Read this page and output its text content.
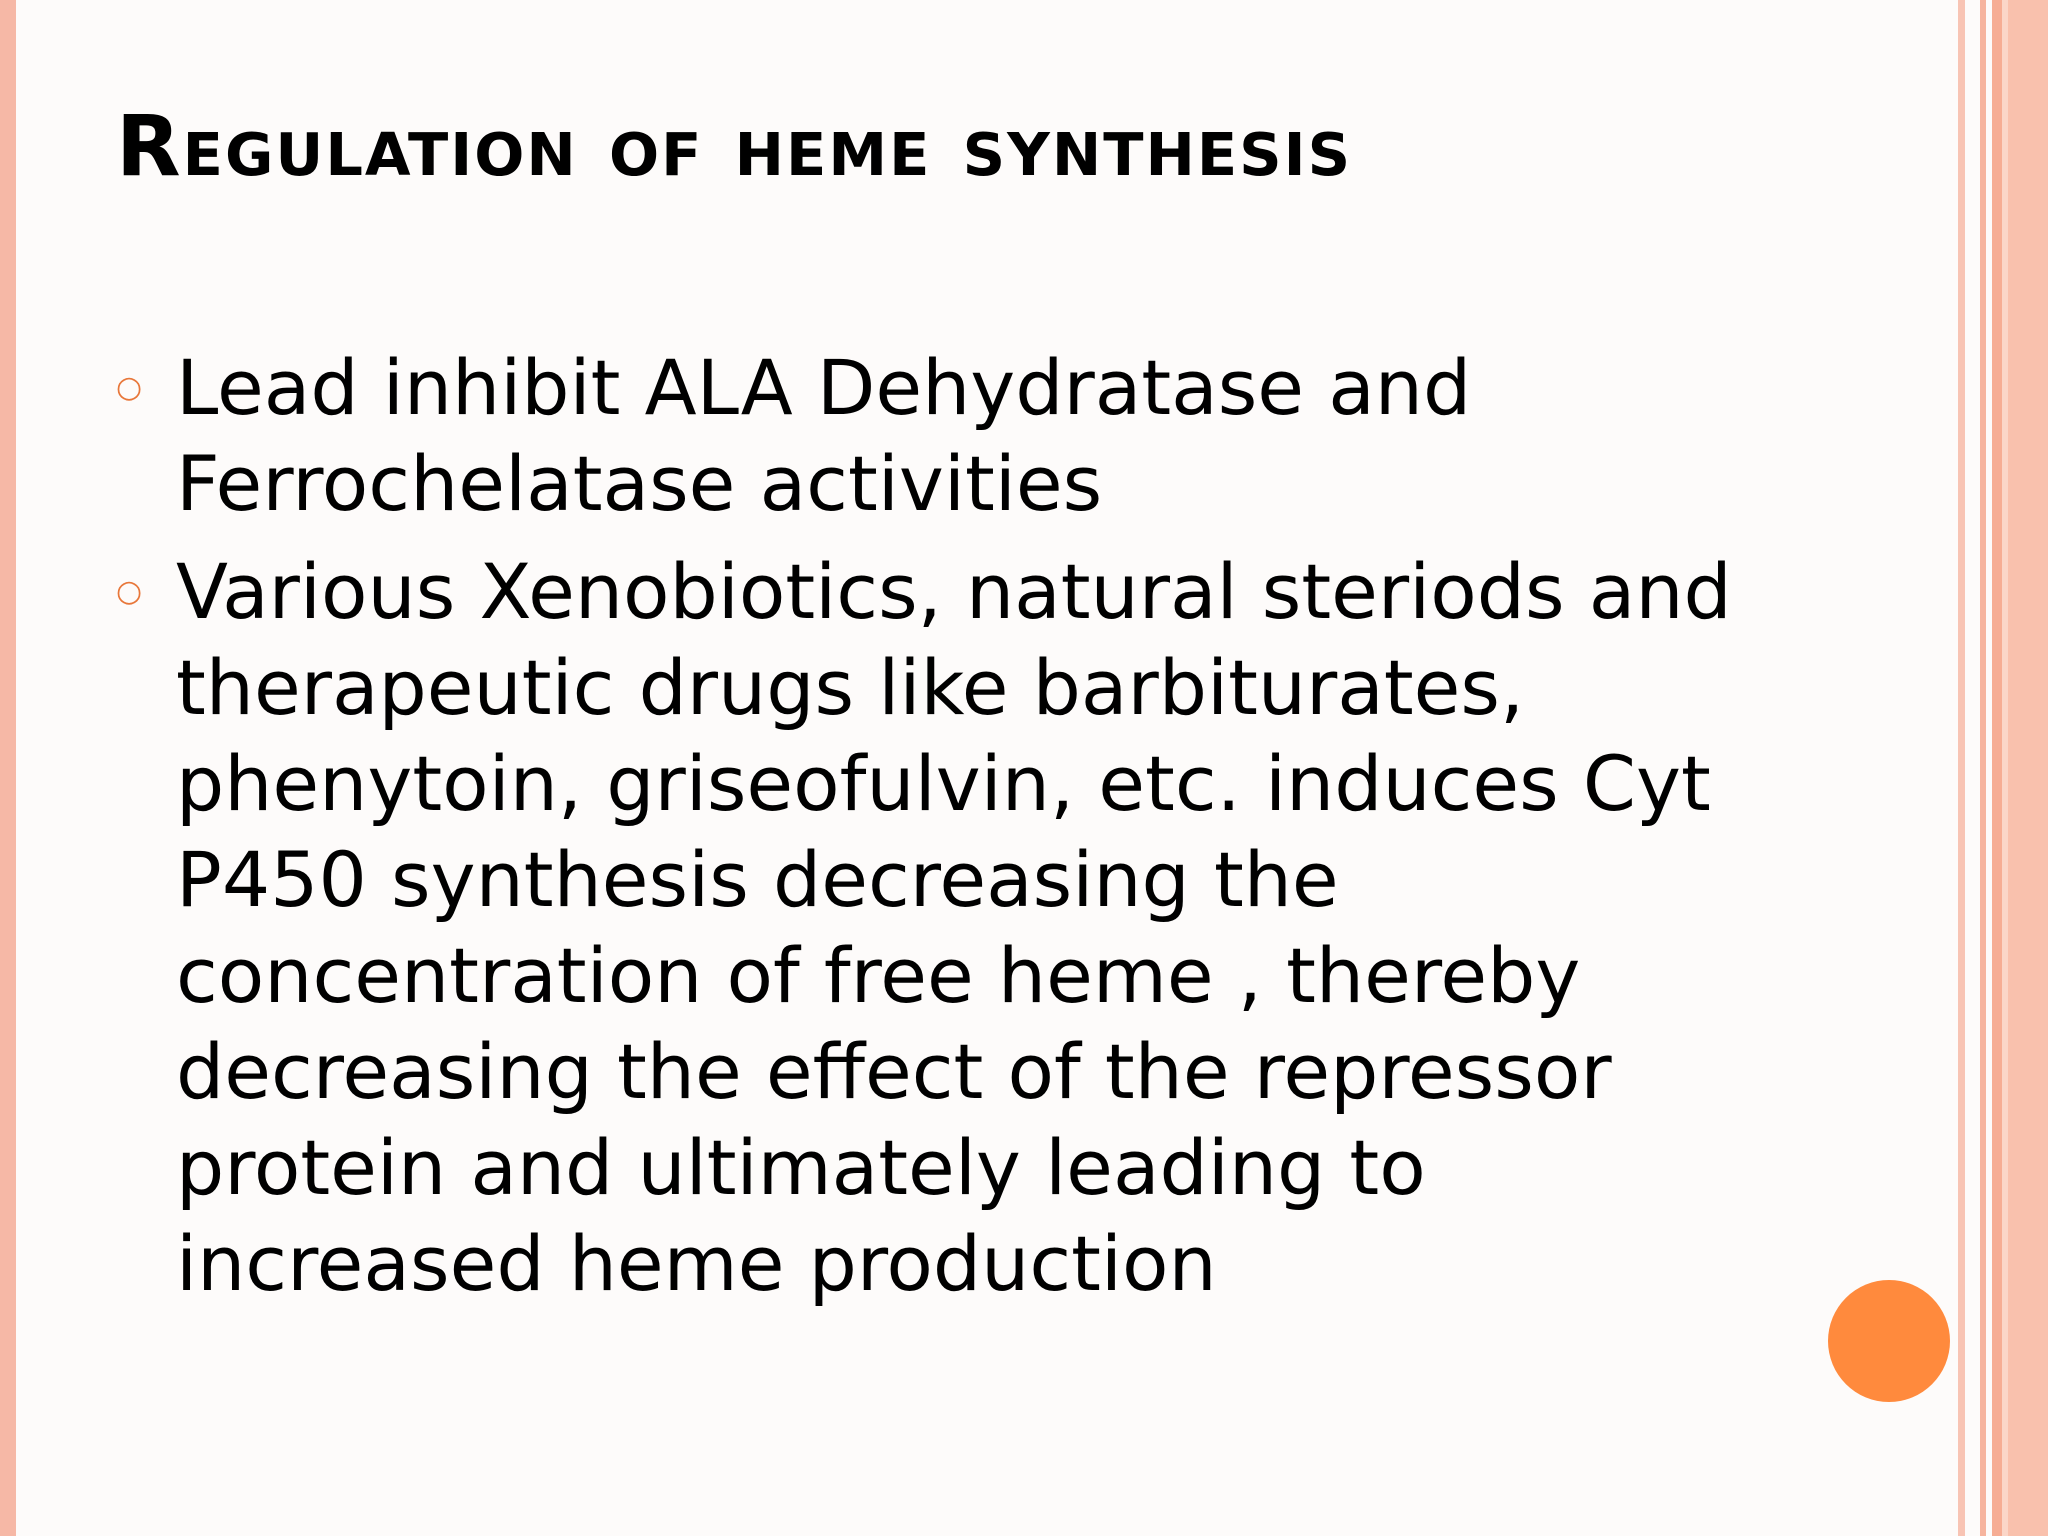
Regulation of heme synthesis
○ Lead inhibit ALA Dehydratase and Ferrochelatase activities
○ Various Xenobiotics, natural steriods and therapeutic drugs like barbiturates, phenytoin, griseofulvin, etc. induces Cyt P450 synthesis decreasing the concentration of free heme , thereby decreasing the effect of the repressor protein and ultimately leading to increased heme production
